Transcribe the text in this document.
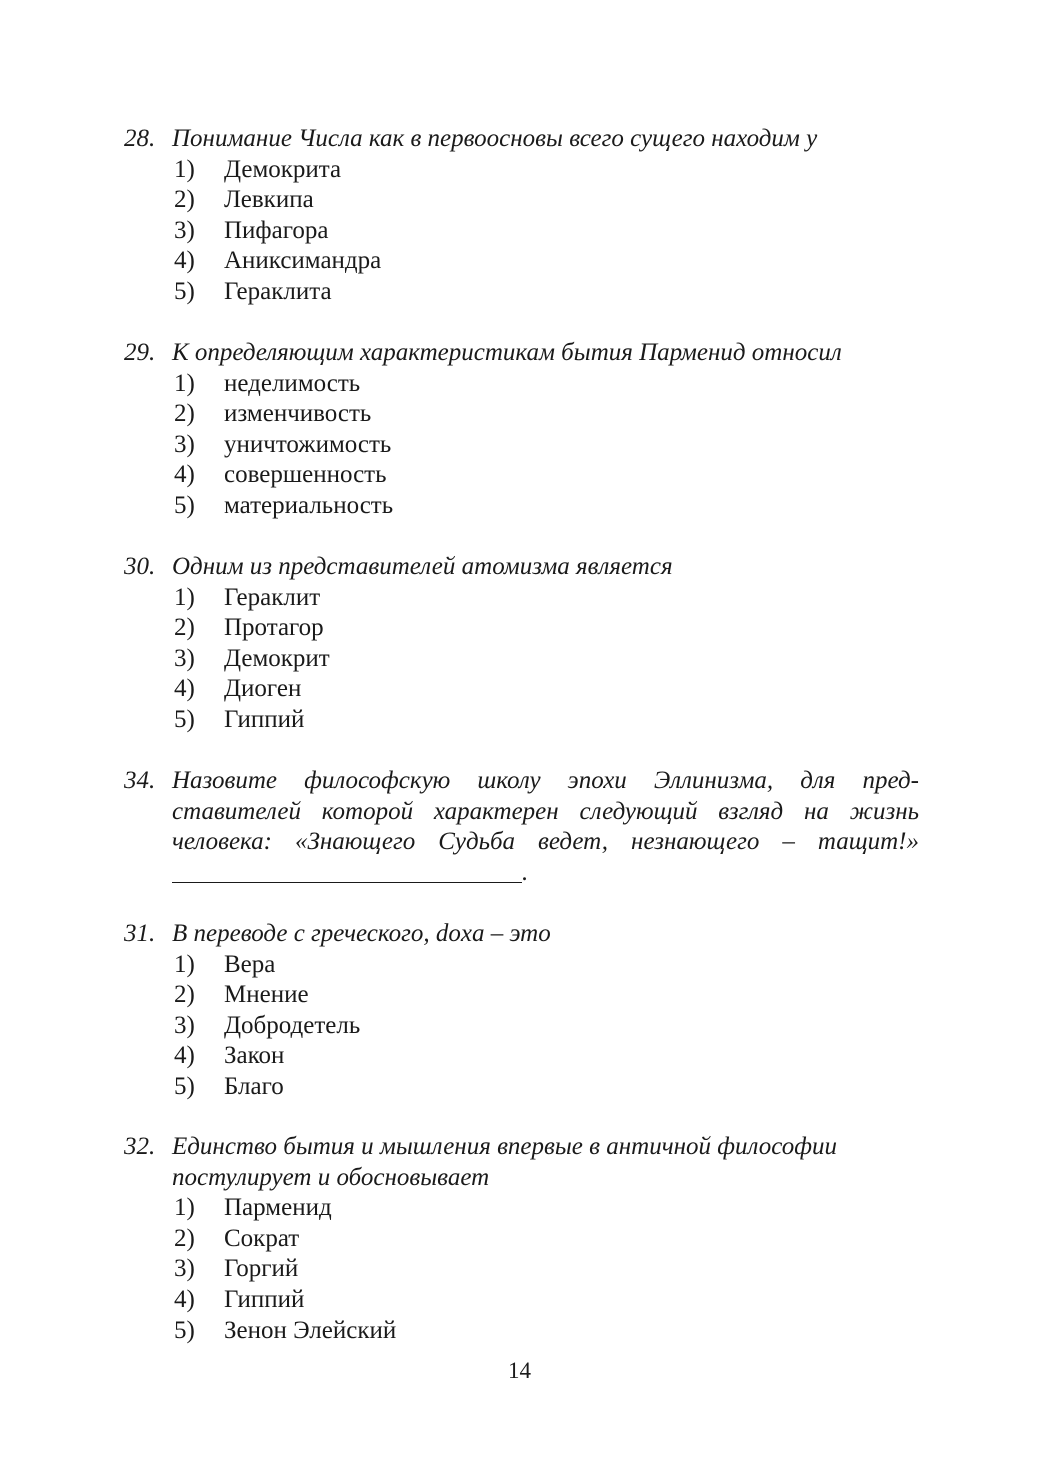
28. Понимание Числа как в первоосновы всего сущего находим у
1)	Демокрита
2)	Левкипа
3)	Пифагора
4)	Аниксимандра
5)	Гераклита
29. К определяющим характеристикам бытия Парменид относил
1)	неделимость
2)	изменчивость
3)	уничтожимость
4)	совершенность
5)	материальность
30. Одним из представителей атомизма является
1)	Гераклит
2)	Протагор
3)	Демокрит
4)	Диоген
5)	Гиппий
34. Назовите философскую школу эпохи Эллинизма, для пред-
ставителей которой характерен следующий взгляд на жизнь
человека: «Знающего Судьба ведет, незнающего – тащит!»
.
31. В переводе с греческого, doxa – это
1)	Вера
2)	Мнение
3)	Добродетель
4)	Закон
5)	Благо
32. Единство бытия и мышления впервые в античной философии
постулирует и обосновывает
1)	Парменид
2)	Сократ
3)	Горгий
4)	Гиппий
5)	Зенон Элейский
14
